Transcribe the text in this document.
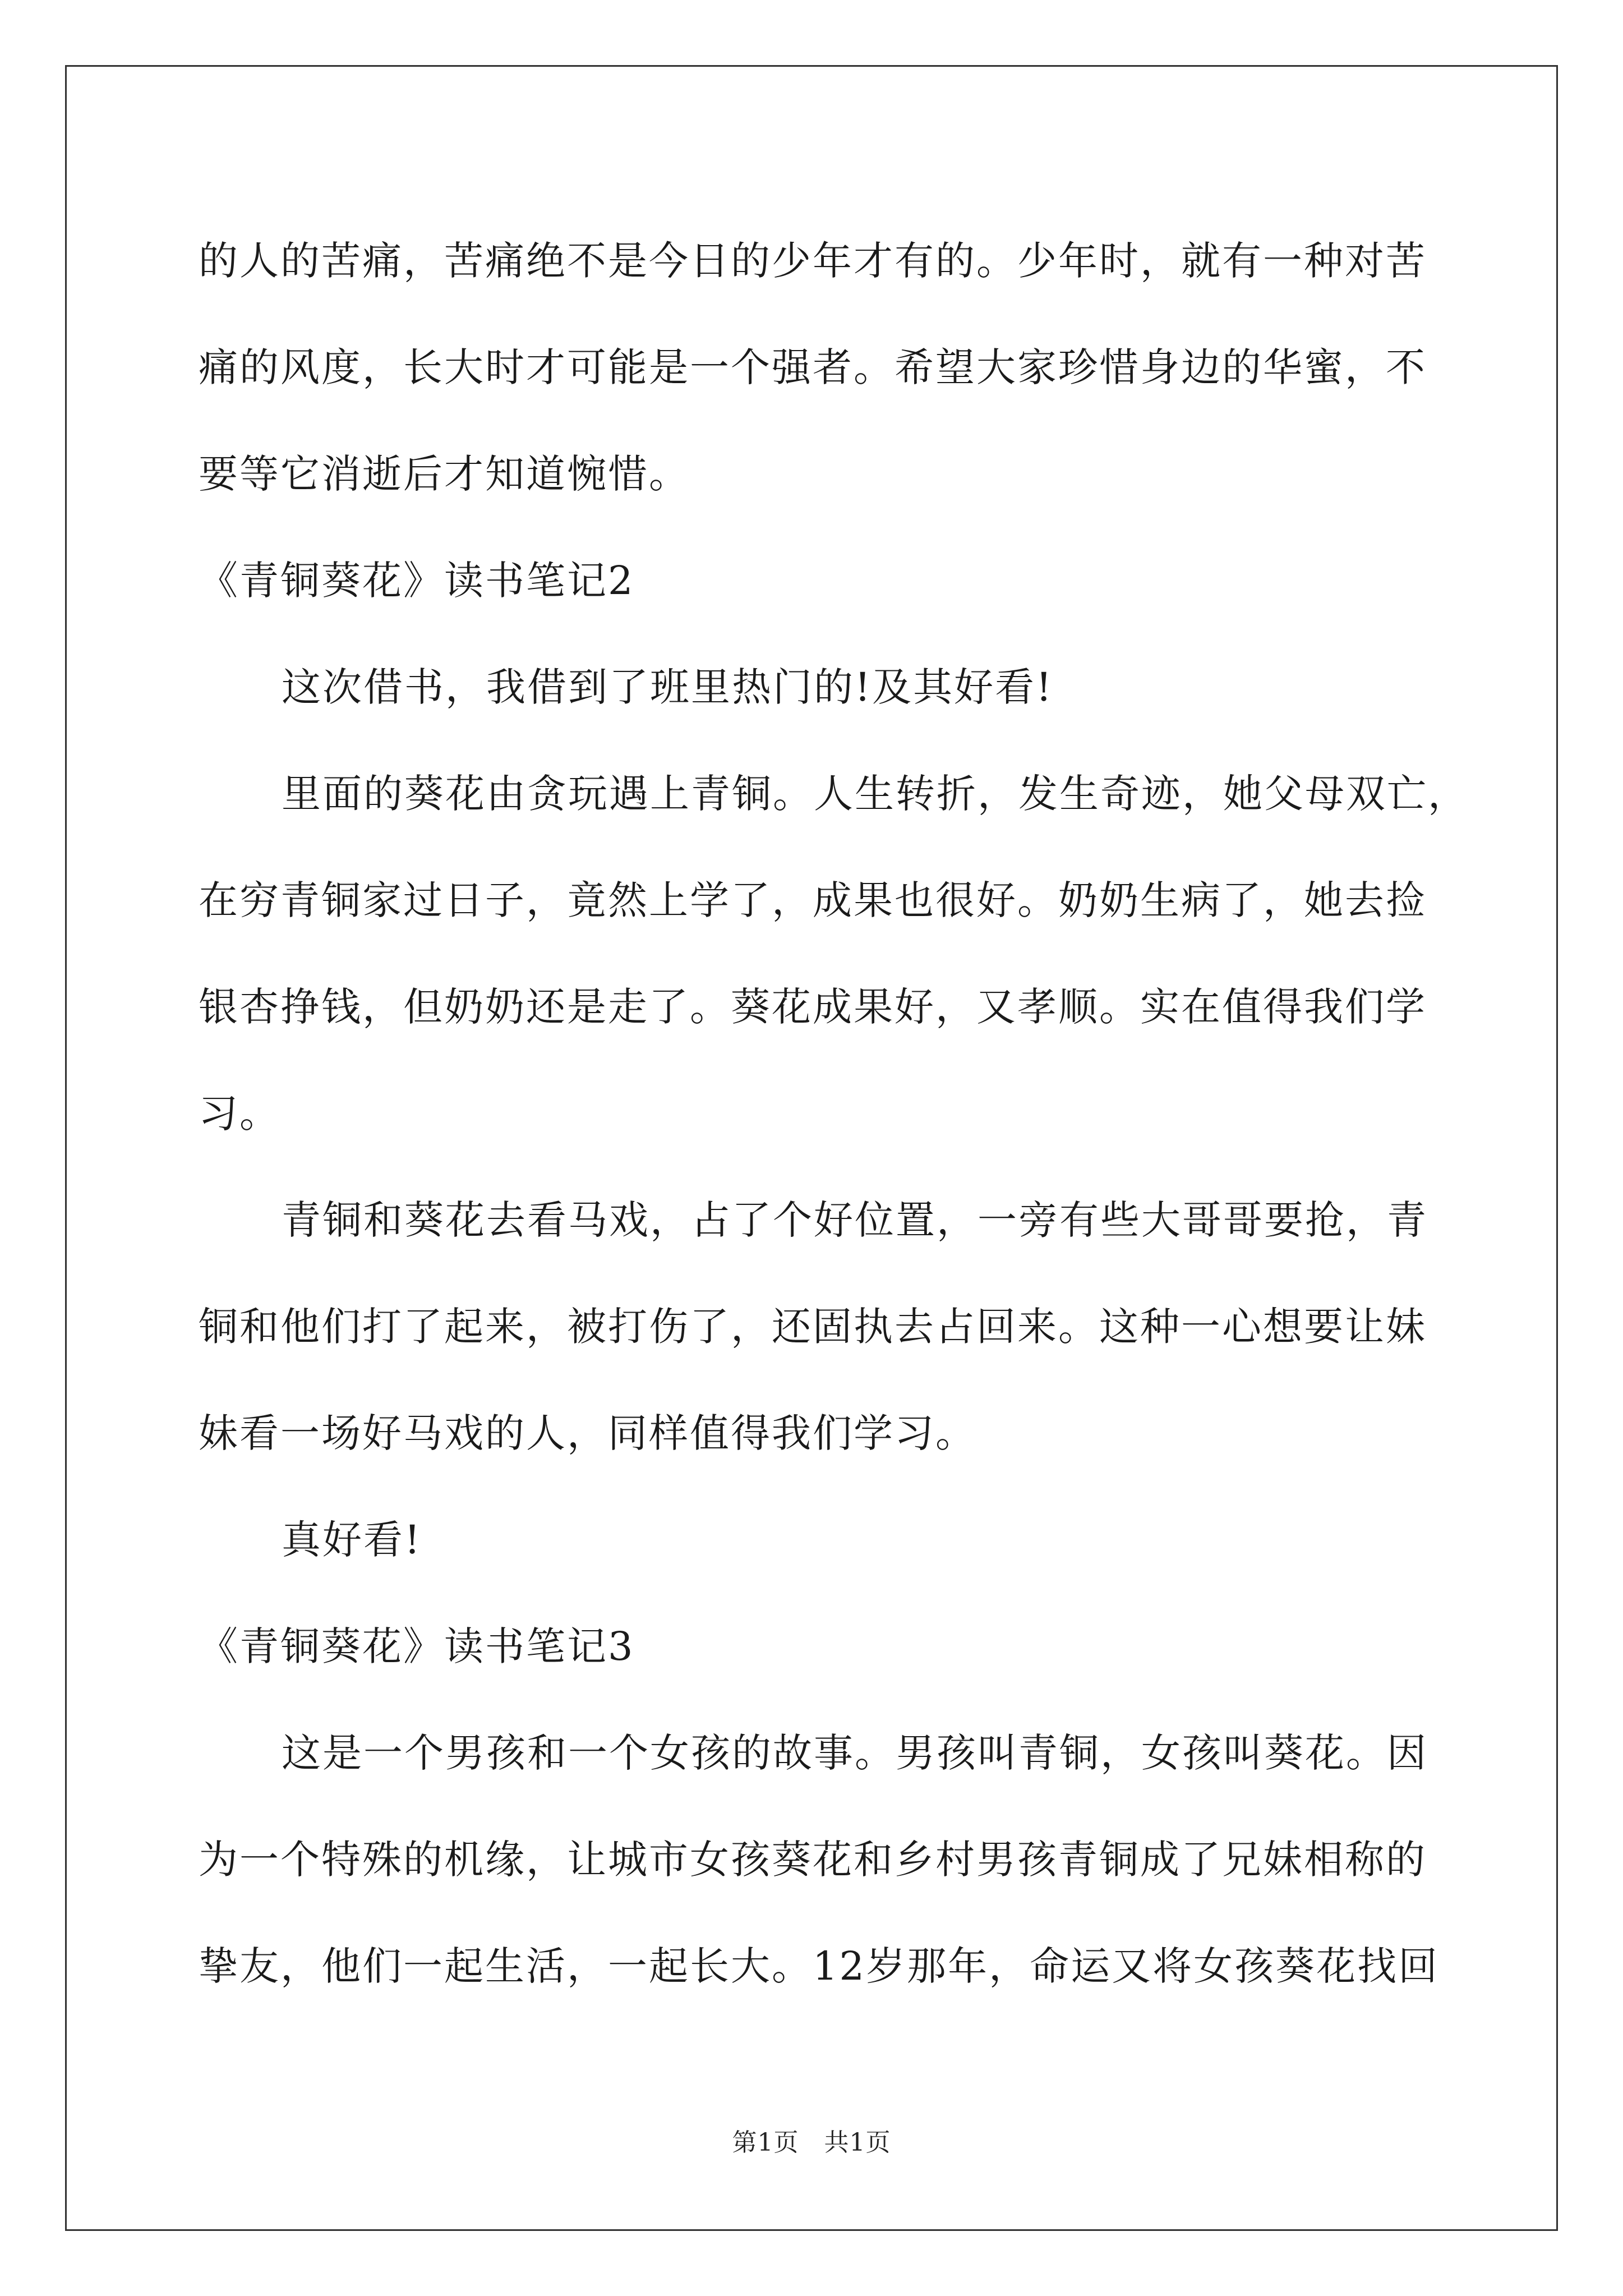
的人的苦痛，苦痛绝不是今日的少年才有的。少年时，就有一种对苦
痛的风度，长大时才可能是一个强者。希望大家珍惜身边的华蜜，不
要等它消逝后才知道惋惜。
《青铜葵花》读书笔记2
这次借书，我借到了班里热门的!及其好看!
里面的葵花由贪玩遇上青铜。人生转折，发生奇迹，她父母双亡，
在穷青铜家过日子，竟然上学了，成果也很好。奶奶生病了，她去捡
银杏挣钱，但奶奶还是走了。葵花成果好，又孝顺。实在值得我们学
习。
青铜和葵花去看马戏，占了个好位置，一旁有些大哥哥要抢，青
铜和他们打了起来，被打伤了，还固执去占回来。这种一心想要让妹
妹看一场好马戏的人，同样值得我们学习。
真好看!
《青铜葵花》读书笔记3
这是一个男孩和一个女孩的故事。男孩叫青铜，女孩叫葵花。因
为一个特殊的机缘，让城市女孩葵花和乡村男孩青铜成了兄妹相称的
挚友，他们一起生活，一起长大。12岁那年，命运又将女孩葵花找回
第1页　共1页
